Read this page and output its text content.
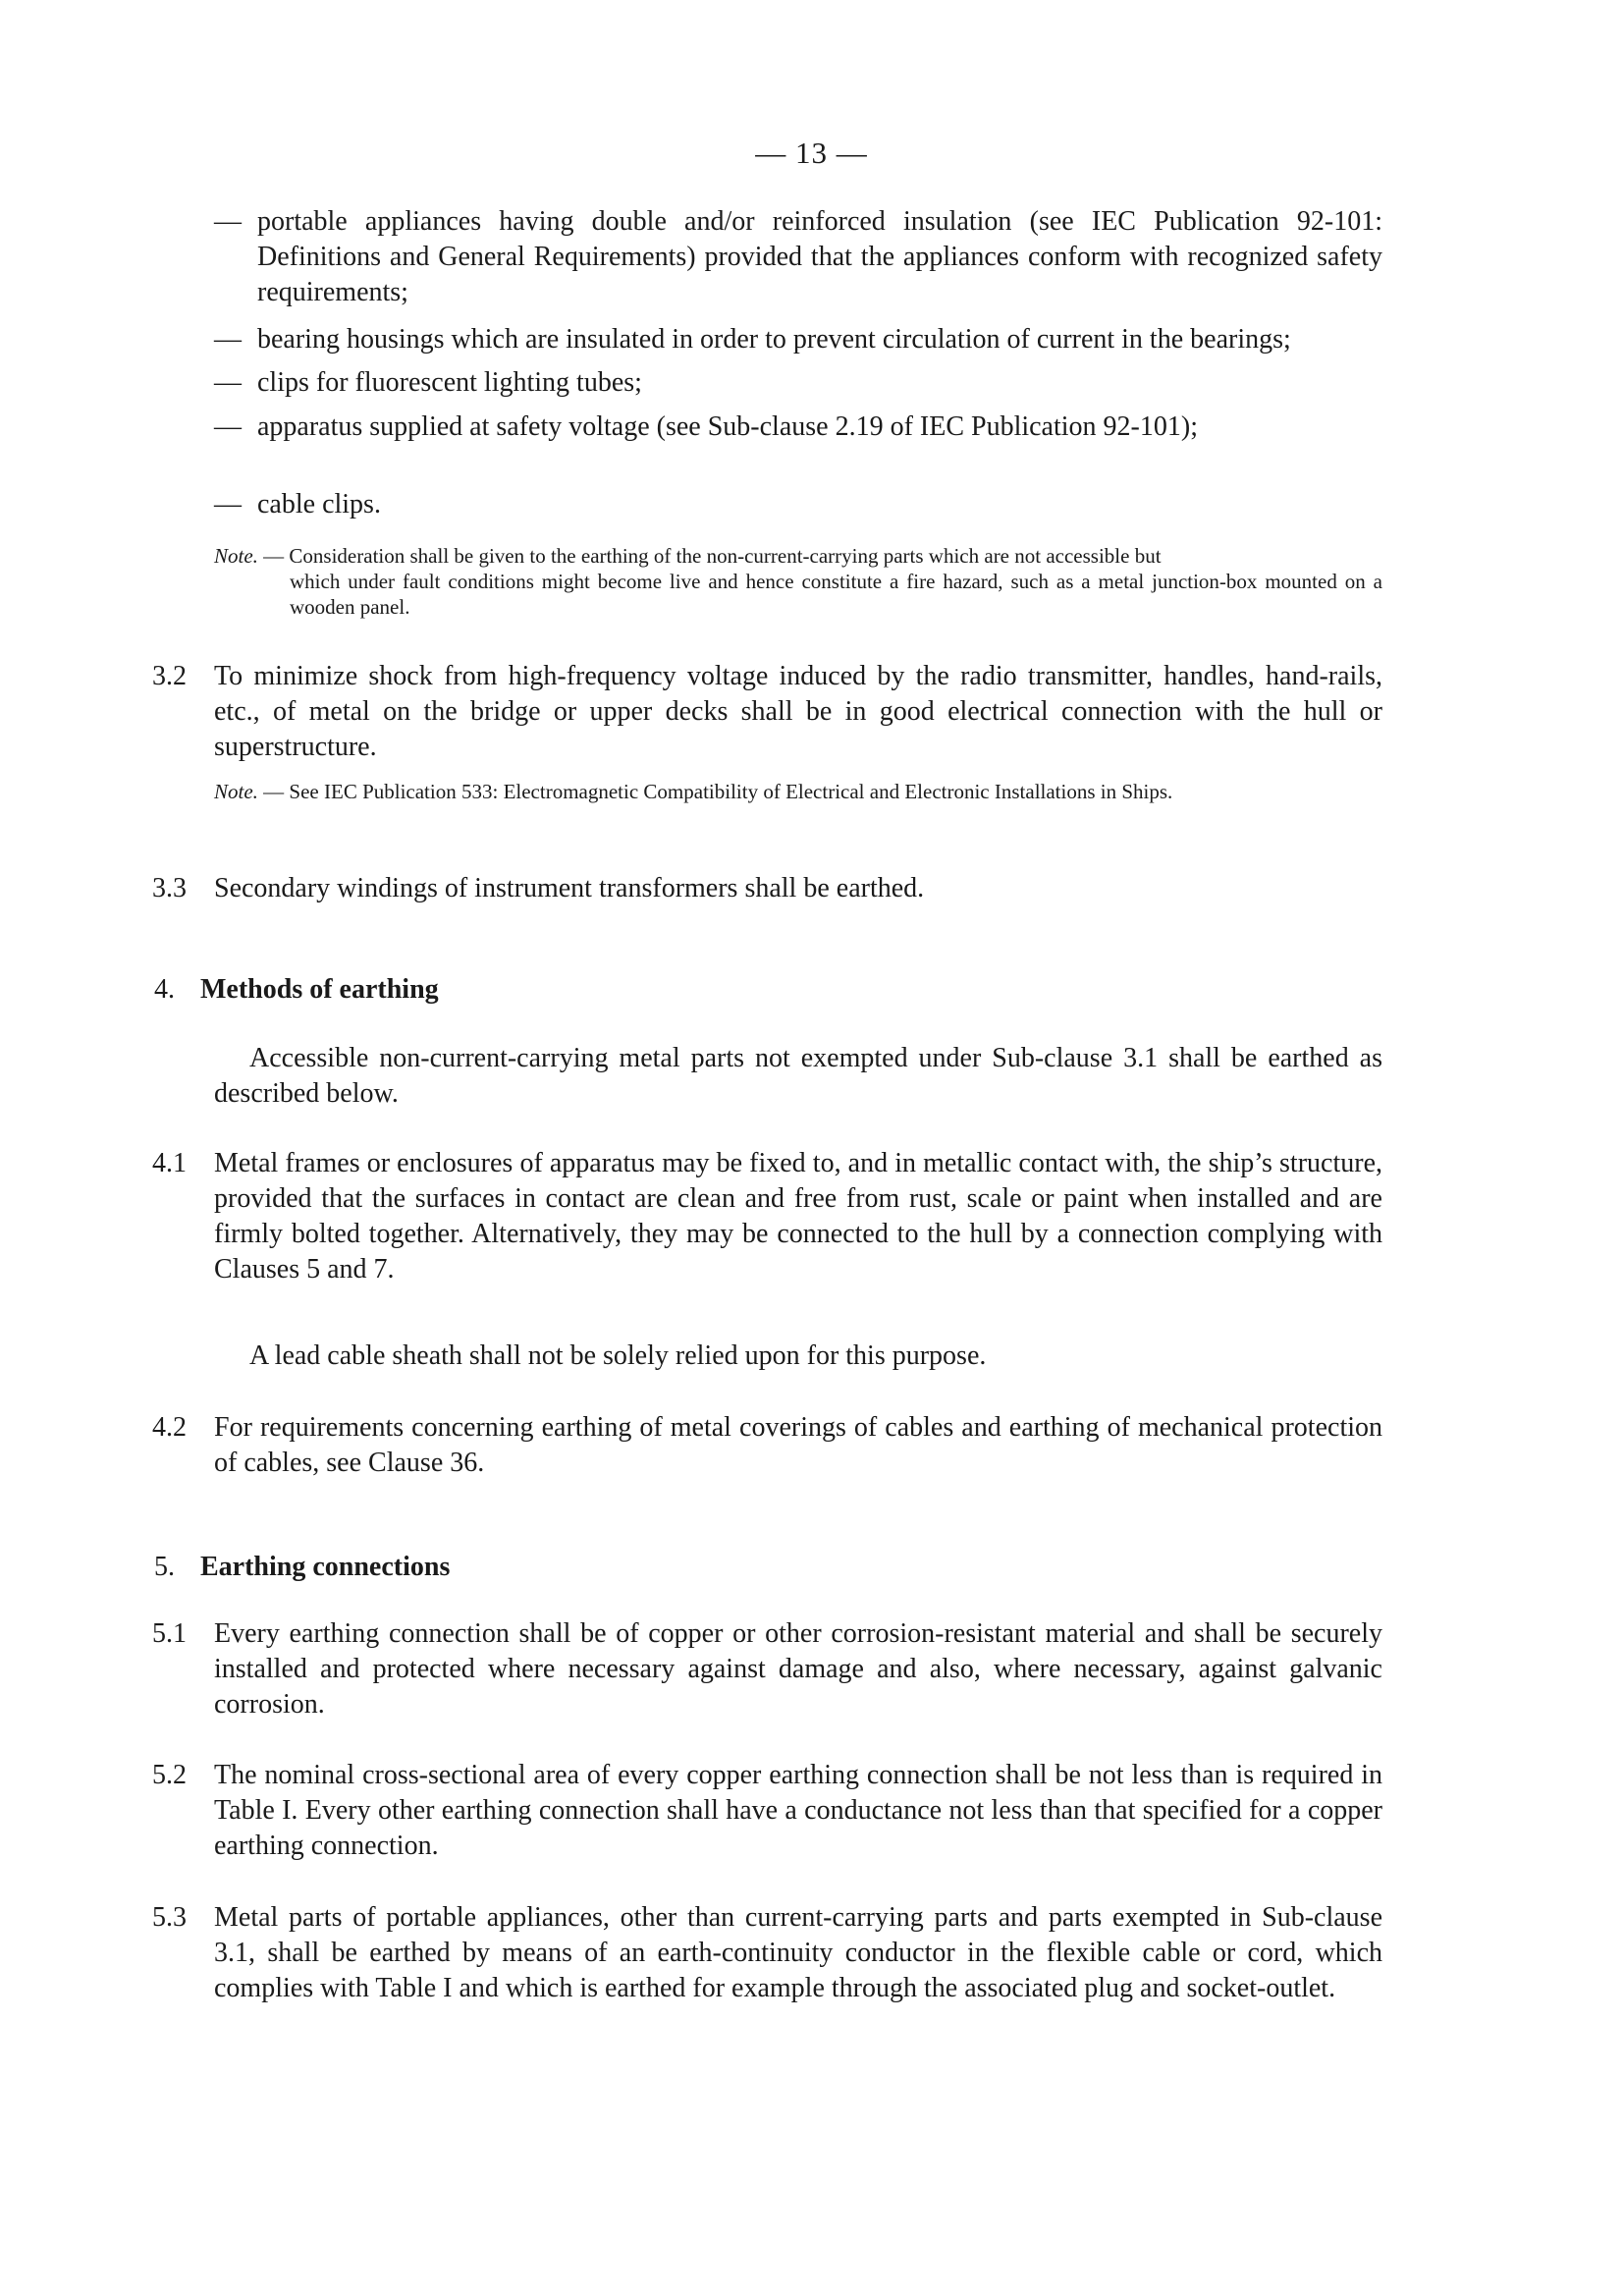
— 13 —
— portable appliances having double and/or reinforced insulation (see IEC Publication 92-101: Definitions and General Requirements) provided that the appliances conform with recognized safety requirements;
— bearing housings which are insulated in order to prevent circulation of current in the bearings;
— clips for fluorescent lighting tubes;
— apparatus supplied at safety voltage (see Sub-clause 2.19 of IEC Publication 92-101);
— cable clips.
Note. — Consideration shall be given to the earthing of the non-current-carrying parts which are not accessible but
which under fault conditions might become live and hence constitute a fire hazard, such as a metal junction-box mounted on a wooden panel.
3.2 To minimize shock from high-frequency voltage induced by the radio transmitter, handles, hand-rails, etc., of metal on the bridge or upper decks shall be in good electrical connection with the hull or superstructure.
Note. — See IEC Publication 533: Electromagnetic Compatibility of Electrical and Electronic Installations in Ships.
3.3 Secondary windings of instrument transformers shall be earthed.
4. Methods of earthing
Accessible non-current-carrying metal parts not exempted under Sub-clause 3.1 shall be earthed as described below.
4.1 Metal frames or enclosures of apparatus may be fixed to, and in metallic contact with, the ship’s structure, provided that the surfaces in contact are clean and free from rust, scale or paint when installed and are firmly bolted together. Alternatively, they may be connected to the hull by a connection complying with Clauses 5 and 7.
A lead cable sheath shall not be solely relied upon for this purpose.
4.2 For requirements concerning earthing of metal coverings of cables and earthing of mechanical protection of cables, see Clause 36.
5. Earthing connections
5.1 Every earthing connection shall be of copper or other corrosion-resistant material and shall be securely installed and protected where necessary against damage and also, where necessary, against galvanic corrosion.
5.2 The nominal cross-sectional area of every copper earthing connection shall be not less than is required in Table I. Every other earthing connection shall have a conductance not less than that specified for a copper earthing connection.
5.3 Metal parts of portable appliances, other than current-carrying parts and parts exempted in Sub-clause 3.1, shall be earthed by means of an earth-continuity conductor in the flexible cable or cord, which complies with Table I and which is earthed for example through the associated plug and socket-outlet.
